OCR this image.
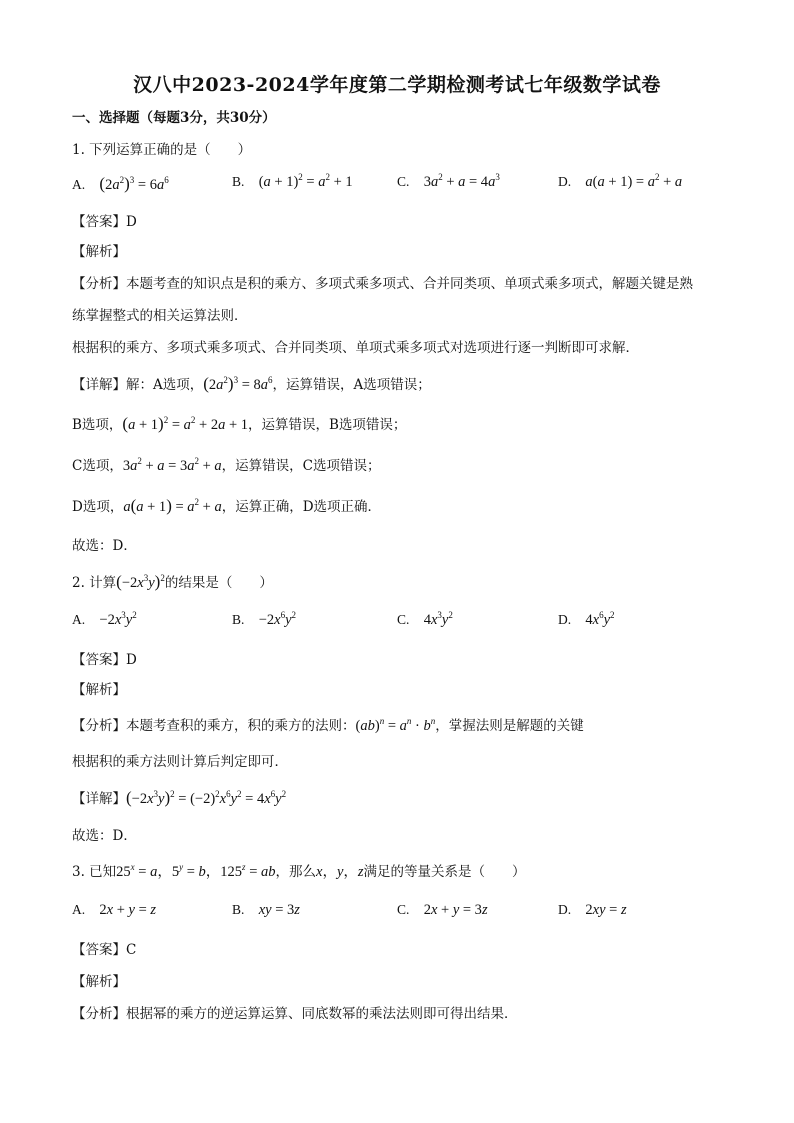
汉八中2023-2024学年度第二学期检测考试七年级数学试卷
一、选择题（每题3分，共30分）
1. 下列运算正确的是（　　）
A. $(2a^2)^3 = 6a^6$	B. $(a + 1)^2 = a^2 + 1$	C. $3a^2 + a = 4a^3$	D. $a(a + 1) = a^2 + a$
【答案】D
【解析】
【分析】本题考查的知识点是积的乘方、多项式乘多项式、合并同类项、单项式乘多项式，解题关键是熟
练掌握整式的相关运算法则．
根据积的乘方、多项式乘多项式、合并同类项、单项式乘多项式对选项进行逐一判断即可求解．
【详解】解：A选项，$(2a^2)^3 = 8a^6$，运算错误，A选项错误；
B选项，$(a + 1)^2 = a^2 + 2a + 1$，运算错误，B选项错误；
C选项，$3a^2 + a = 3a^2 + a$，运算错误，C选项错误；
D选项，$a(a + 1) = a^2 + a$，运算正确，D选项正确．
故选：D．
2. 计算$(-2x^3y)^2$的结果是（　　）
A. $-2x^3y^2$	B. $-2x^6y^2$	C. $4x^3y^2$	D. $4x^6y^2$
【答案】D
【解析】
【分析】本题考查积的乘方，积的乘方的法则：$(ab)^n = a^n \cdot b^n$，掌握法则是解题的关键
根据积的乘方法则计算后判定即可．
【详解】$(-2x^3y)^2 = (-2)^2x^6y^2 = 4x^6y^2$
故选：D．
3. 已知$25^x = a$，$5^y = b$，$125^z$ = ab，那么x，y，z满足的等量关系是（　　）
A. 2x + y = z	B. xy = 3z	C. 2x + y = 3z	D. 2xy = z
【答案】C
【解析】
【分析】根据幂的乘方的逆运算运算、同底数幂的乘法法则即可得出结果．
